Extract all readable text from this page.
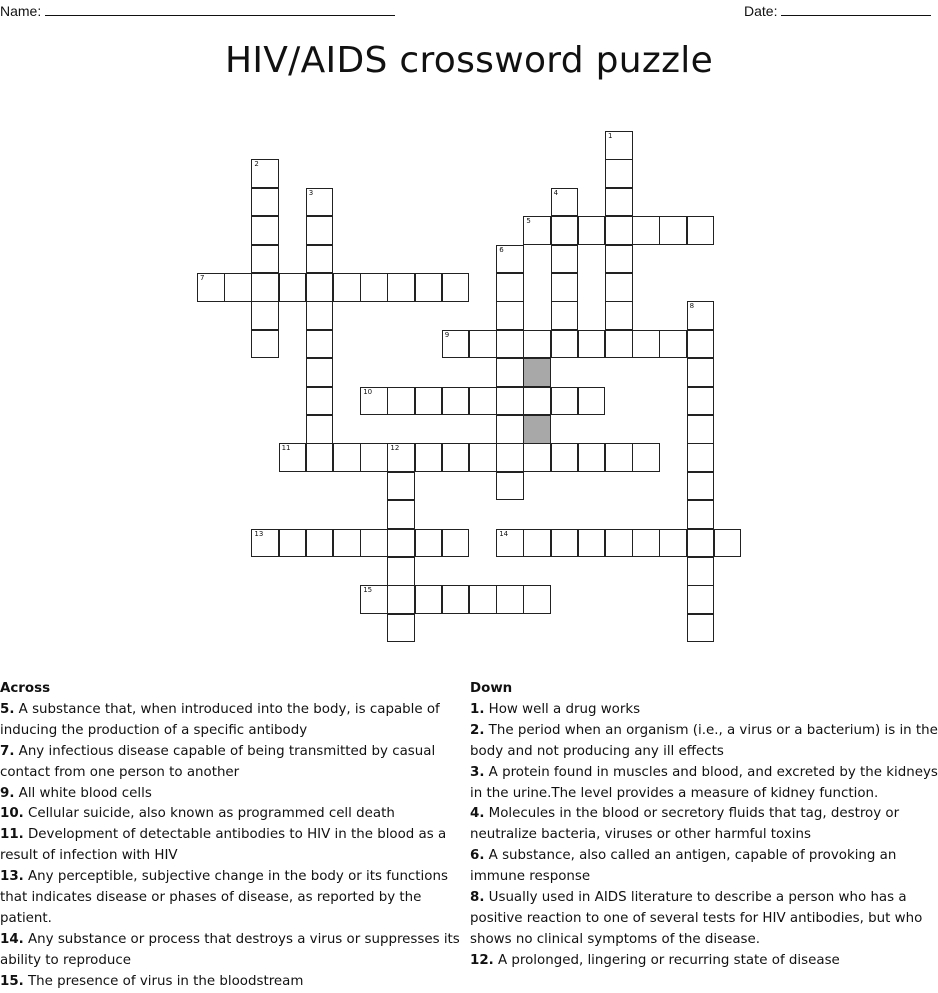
Name:	Date:
HIV/AIDS crossword puzzle
1
2
3	4
5
6
7
8
9
10
11	12
13	14
15
Across

5. A substance that, when introduced into the body, is capable of inducing the production of a specific antibody

7. Any infectious disease capable of being transmitted by casual contact from one person to another

9. All white blood cells

10. Cellular suicide, also known as programmed cell death

11. Development of detectable antibodies to HIV in the blood as a result of infection with HIV

13. Any perceptible, subjective change in the body or its functions that indicates disease or phases of disease, as reported by the patient.

14. Any substance or process that destroys a virus or suppresses its ability to reproduce

15. The presence of virus in the bloodstream

Down

1. How well a drug works

2. The period when an organism (i.e., a virus or a bacterium) is in the body and not producing any ill effects

3. A protein found in muscles and blood, and excreted by the kidneys in the urine.The level provides a measure of kidney function.

4. Molecules in the blood or secretory fluids that tag, destroy or neutralize bacteria, viruses or other harmful toxins

6. A substance, also called an antigen, capable of provoking an immune response

8. Usually used in AIDS literature to describe a person who has a positive reaction to one of several tests for HIV antibodies, but who shows no clinical symptoms of the disease.

12. A prolonged, lingering or recurring state of disease
